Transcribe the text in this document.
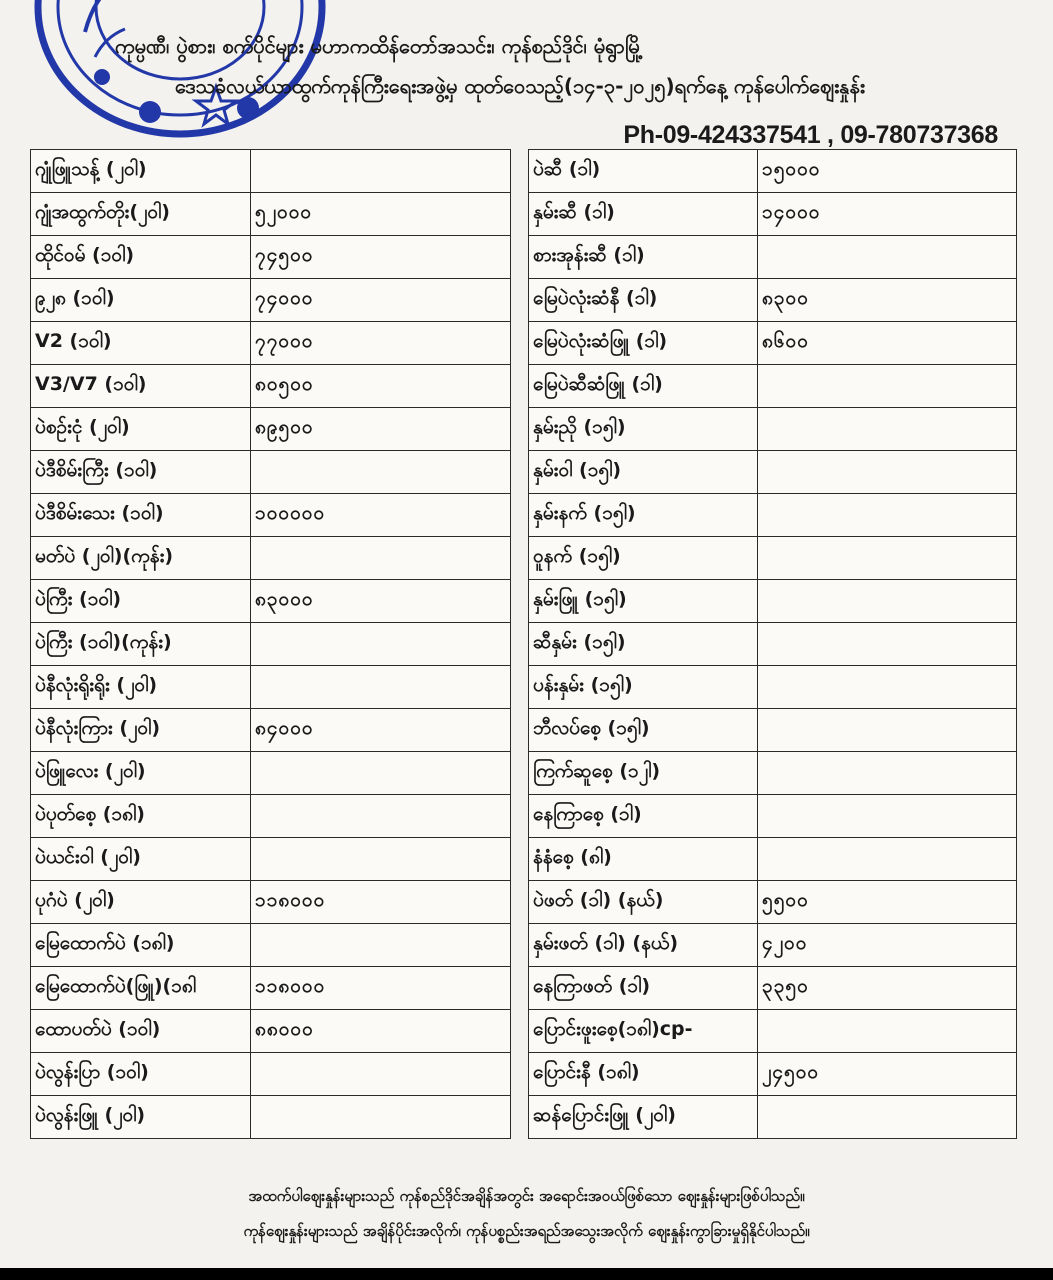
ကုမ္ပဏီ၊ ပွဲစား၊ စက်ပိုင်များ မဟာကထိန်တော်အသင်း၊ ကုန်စည်ဒိုင်၊ မုံရွာမြို့
ဒေသခံလယ်ယာထွက်ကုန်ကြီးရေးအဖွဲ့မှ ထုတ်ဝေသည့်(၁၄-၃-၂၀၂၅)ရက်နေ့ ကုန်ပေါက်ဈေးနှုန်း
Ph-09-424337541 , 09-780737368
ဂျုံဖြူသန့် (၂၀ါ)	
ဂျုံအထွက်တိုး(၂၀ါ)	၅၂၀၀၀
ထိုင်ဝမ် (၁၀ါ)	၇၄၅၀၀
၉၂၈ (၁၀ါ)	၇၄၀၀၀
V2 (၁၀ါ)	၇၇၀၀၀
V3/V7 (၁၀ါ)	၈၀၅၀၀
ပဲစဉ်းငုံ (၂၀ါ)	၈၉၅၀၀
ပဲဒီစိမ်းကြီး (၁၀ါ)	
ပဲဒီစိမ်းသေး (၁၀ါ)	၁၀၀၀၀၀
မတ်ပဲ (၂၀ါ)(ကုန်း)	
ပဲကြီး (၁၀ါ)	၈၃၀၀၀
ပဲကြီး (၁၀ါ)(ကုန်း)	
ပဲနီလုံးရိုးရိုး (၂၀ါ)	
ပဲနီလုံးကြား (၂၀ါ)	၈၄၀၀၀
ပဲဖြူလေး (၂၀ါ)	
ပဲပုတ်စေ့ (၁၈ါ)	
ပဲယင်းဝါ (၂၀ါ)	
ပုဂံပဲ (၂၀ါ)	၁၁၈၀၀၀
မြေထောက်ပဲ (၁၈ါ)	
မြေထောက်ပဲ(ဖြူ)(၁၈ါ	၁၁၈၀၀၀
ထောပတ်ပဲ (၁၀ါ)	၈၈၀၀၀
ပဲလွန်းပြာ (၁၀ါ)	
ပဲလွန်းဖြူ (၂၀ါ)	
ပဲဆီ (၁ါ)	၁၅၀၀၀
နှမ်းဆီ (၁ါ)	၁၄၀၀၀
စားအုန်းဆီ (၁ါ)	
မြေပဲလုံးဆံနီ (၁ါ)	၈၃၀၀
မြေပဲလုံးဆံဖြူ (၁ါ)	၈၆၀၀
မြေပဲဆီဆံဖြူ (၁ါ)	
နှမ်းညို (၁၅ါ)	
နှမ်းဝါ (၁၅ါ)	
နှမ်းနက် (၁၅ါ)	
ဝူနက် (၁၅ါ)	
နှမ်းဖြူ (၁၅ါ)	
ဆီနှမ်း (၁၅ါ)	
ပန်းနှမ်း (၁၅ါ)	
ဘီလပ်စေ့ (၁၅ါ)	
ကြက်ဆူစေ့ (၁၂ါ)	
နေကြာစေ့ (၁ါ)	
နံနံစေ့ (၈ါ)	
ပဲဖတ် (၁ါ) (နယ်)	၅၅၀၀
နှမ်းဖတ် (၁ါ) (နယ်)	၄၂၀၀
နေကြာဖတ် (၁ါ)	၃၃၅၀
ပြောင်းဖူးစေ့(၁၈ါ)cp-	
ပြောင်းနီ (၁၈ါ)	၂၄၅၀၀
ဆန်ပြောင်းဖြူ (၂၀ါ)	
အထက်ပါဈေးနှုန်းများသည် ကုန်စည်ဒိုင်အချိန်အတွင်း အရောင်းအဝယ်ဖြစ်သော ဈေးနှုန်းများဖြစ်ပါသည်။
ကုန်ဈေးနှုန်းများသည် အချိန်ပိုင်းအလိုက်၊ ကုန်ပစ္စည်းအရည်အသွေးအလိုက် ဈေးနှုန်းကွာခြားမှုရှိနိုင်ပါသည်။
